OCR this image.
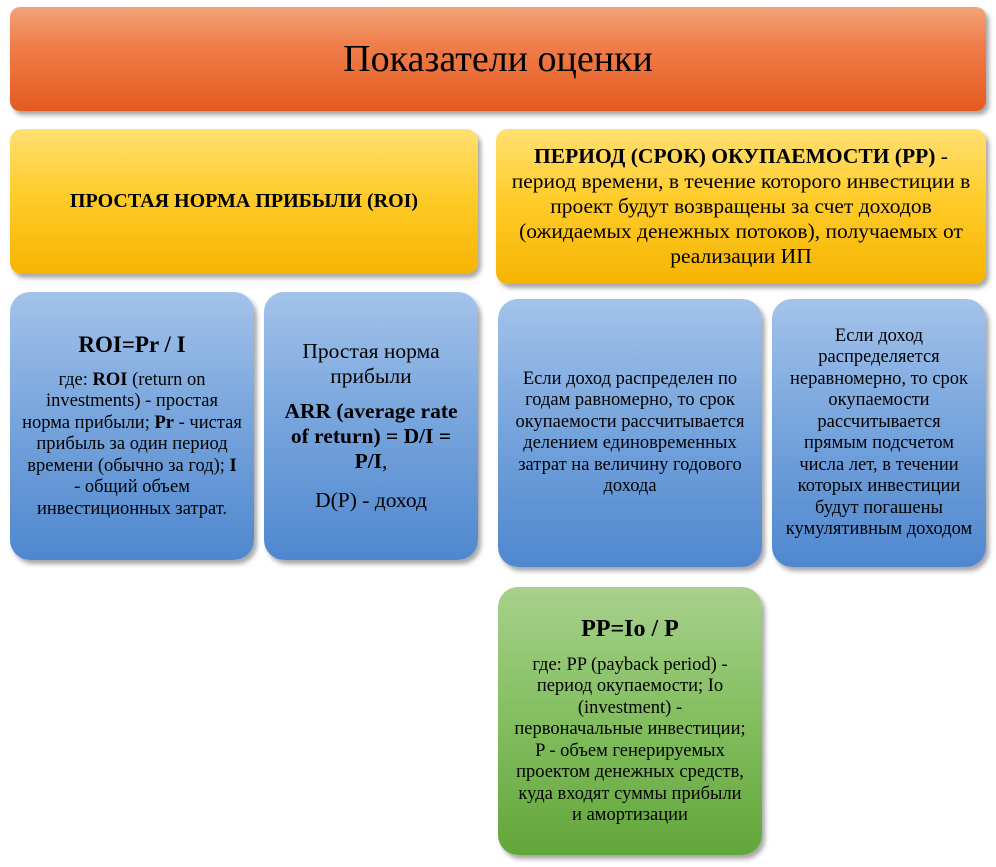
Показатели оценки
ПРОСТАЯ НОРМА ПРИБЫЛИ (ROI)

ПЕРИОД (СРОК) ОКУПАЕМОСТИ (PP) - период времени, в течение которого инвестиции в проект будут возвращены за счет доходов (ожидаемых денежных потоков), получаемых от реализации ИП

ROI=Pr / I

где: ROI (return on investments) - простая норма прибыли; Pr - чистая прибыль за один период времени (обычно за год); I - общий объем инвестиционных затрат.

Простая норма прибыли

ARR (average rate of return) = D/I = P/I,

D(P) - доход

Если доход распределен по годам равномерно, то срок окупаемости рассчитывается делением единовременных затрат на величину годового дохода

Если доход распределяется неравномерно, то срок окупаемости рассчитывается прямым подсчетом числа лет, в течении которых инвестиции будут погашены кумулятивным доходом

PP=Io / P

где: PP (payback period) - период окупаемости; Io (investment) - первоначальные инвестиции; P - объем генерируемых проектом денежных средств, куда входят суммы прибыли и амортизации
